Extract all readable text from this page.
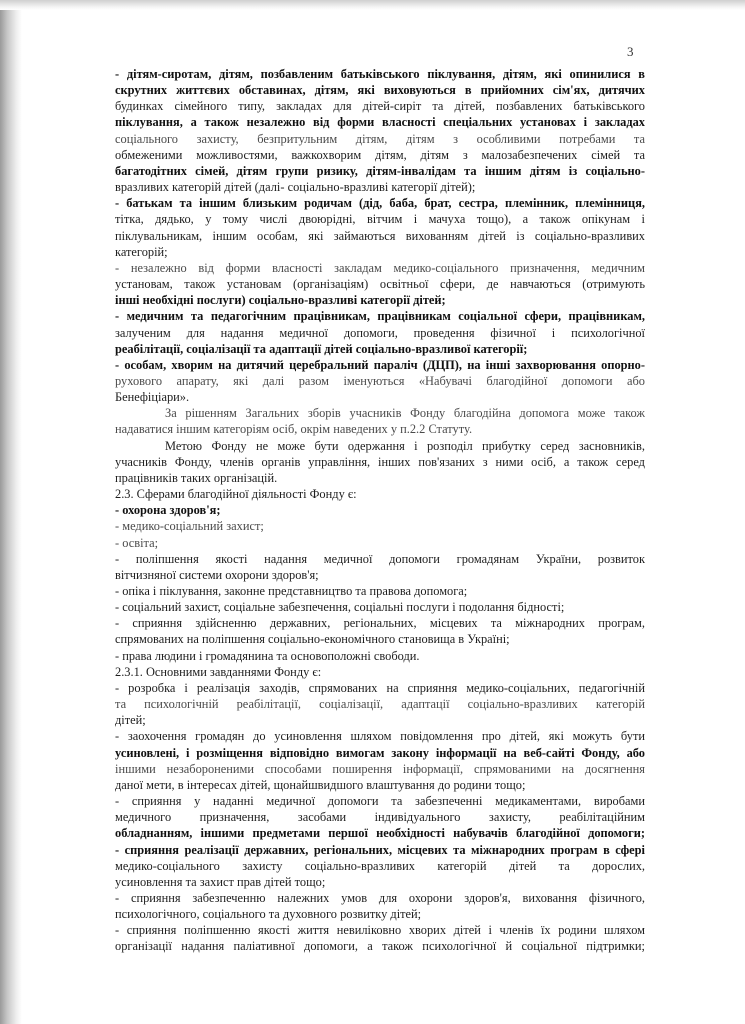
3
- дітям-сиротам, дітям, позбавленим батьківського піклування, дітям, які опинилися в
скрутних життєвих обставинах, дітям, які виховуються в прийомних сім'ях, дитячих
будинках сімейного типу, закладах для дітей-сиріт та дітей, позбавлених батьківського
піклування, а також незалежно від форми власності спеціальних установах і закладах
соціального захисту, безпритульним дітям, дітям з особливими потребами та
обмеженими можливостями, важкохворим дітям, дітям з малозабезпечених сімей та
багатодітних сімей, дітям групи ризику, дітям-інвалідам та іншим дітям із соціально-
вразливих категорій дітей (далі- соціально-вразливі категорії дітей);
- батькам та іншим близьким родичам (дід, баба, брат, сестра, племінник, племінниця,
тітка, дядько, у тому числі двоюрідні, вітчим і мачуха тощо), а також опікунам і
піклувальникам, іншим особам, які займаються вихованням дітей із соціально-вразливих
категорій;
- незалежно від форми власності закладам медико-соціального призначення, медичним
установам, також установам (організаціям) освітньої сфери, де навчаються (отримують
інші необхідні послуги) соціально-вразливі категорії дітей;
- медичним та педагогічним працівникам, працівникам соціальної сфери, працівникам,
залученим для надання медичної допомоги, проведення фізичної і психологічної
реабілітації, соціалізації та адаптації дітей соціально-вразливої категорії;
- особам, хворим на дитячий церебральний параліч (ДЦП), на інші захворювання опорно-
рухового апарату, які далі разом іменуються «Набувачі благодійної допомоги або
Бенефіціари».
За рішенням Загальних зборів учасників Фонду благодійна допомога може також
надаватися іншим категоріям осіб, окрім наведених у п.2.2 Статуту.
Метою Фонду не може бути одержання і розподіл прибутку серед засновників,
учасників Фонду, членів органів управління, інших пов'язаних з ними осіб, а також серед
працівників таких організацій.
2.3. Сферами благодійної діяльності Фонду є:
- охорона здоров'я;
- медико-соціальний захист;
- освіта;
- поліпшення якості надання медичної допомоги громадянам України, розвиток
вітчизняної системи охорони здоров'я;
- опіка і піклування, законне представництво та правова допомога;
- соціальний захист, соціальне забезпечення, соціальні послуги і подолання бідності;
- сприяння здійсненню державних, регіональних, місцевих та міжнародних програм,
спрямованих на поліпшення соціально-економічного становища в Україні;
- права людини і громадянина та основоположні свободи.
2.3.1. Основними завданнями Фонду є:
- розробка і реалізація заходів, спрямованих на сприяння медико-соціальних, педагогічній
та психологічній реабілітації, соціалізації, адаптації соціально-вразливих категорій
дітей;
- заохочення громадян до усиновлення шляхом повідомлення про дітей, які можуть бути
усиновлені, і розміщення відповідно вимогам закону інформації на веб-сайті Фонду, або
іншими незабороненими способами поширення інформації, спрямованими на досягнення
даної мети, в інтересах дітей, щонайшвидшого влаштування до родини тощо;
- сприяння у наданні медичної допомоги та забезпеченні медикаментами, виробами
медичного призначення, засобами індивідуального захисту, реабілітаційним
обладнанням, іншими предметами першої необхідності набувачів благодійної допомоги;
- сприяння реалізації державних, регіональних, місцевих та міжнародних програм в сфері
медико-соціального захисту соціально-вразливих категорій дітей та дорослих,
усиновлення та захист прав дітей тощо;
- сприяння забезпеченню належних умов для охорони здоров'я, виховання фізичного,
психологічного, соціального та духовного розвитку дітей;
- сприяння поліпшенню якості життя невиліковно хворих дітей і членів їх родини шляхом
організації надання паліативної допомоги, а також психологічної й соціальної підтримки;
